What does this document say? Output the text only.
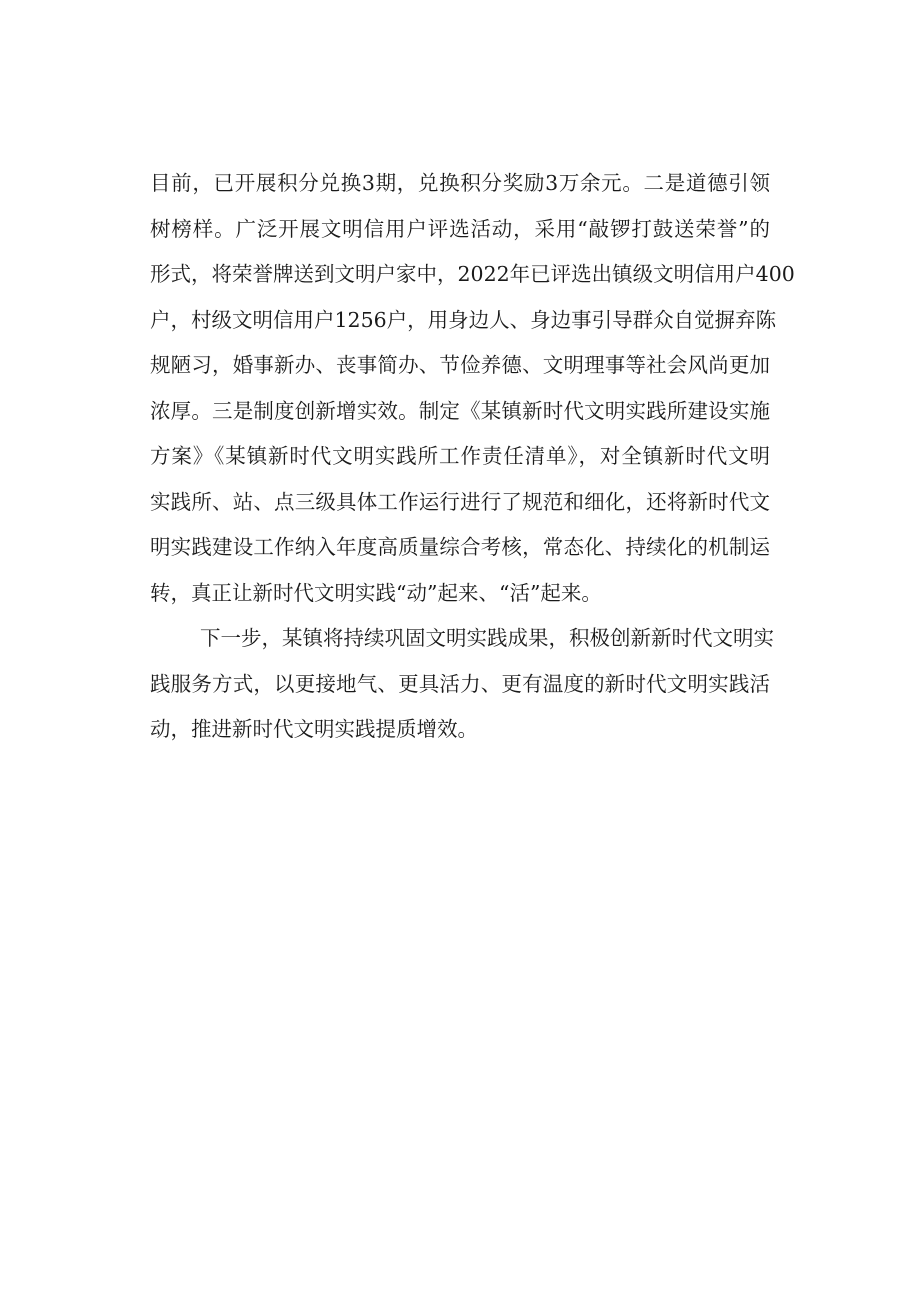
目前，已开展积分兑换3期，兑换积分奖励3万余元。二是道德引领
树榜样。广泛开展文明信用户评选活动，采用“敲锣打鼓送荣誉”的
形式，将荣誉牌送到文明户家中，2022年已评选出镇级文明信用户400
户，村级文明信用户1256户，用身边人、身边事引导群众自觉摒弃陈
规陋习，婚事新办、丧事简办、节俭养德、文明理事等社会风尚更加
浓厚。三是制度创新增实效。制定《某镇新时代文明实践所建设实施
方案》《某镇新时代文明实践所工作责任清单》，对全镇新时代文明
实践所、站、点三级具体工作运行进行了规范和细化，还将新时代文
明实践建设工作纳入年度高质量综合考核，常态化、持续化的机制运
转，真正让新时代文明实践“动”起来、“活”起来。
下一步，某镇将持续巩固文明实践成果，积极创新新时代文明实
践服务方式，以更接地气、更具活力、更有温度的新时代文明实践活
动，推进新时代文明实践提质增效。
